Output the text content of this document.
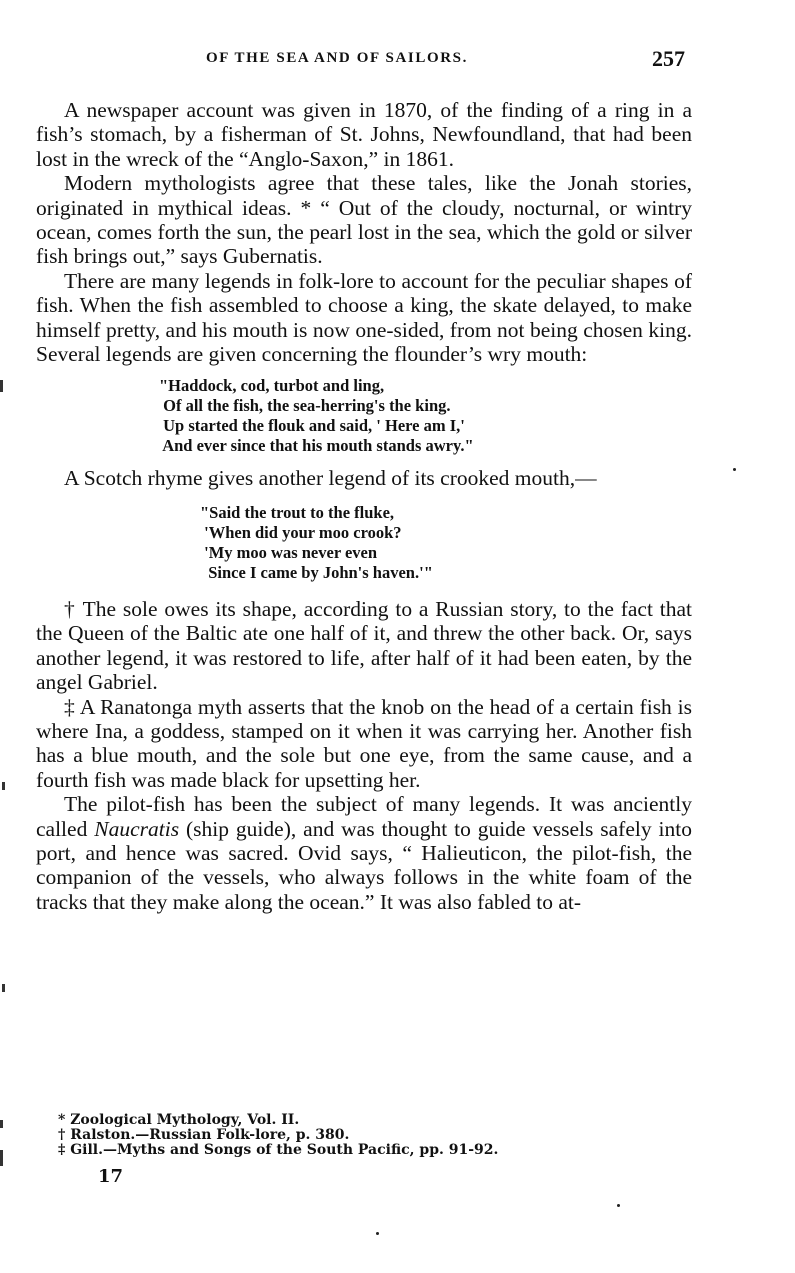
OF THE SEA AND OF SAILORS.	257

A newspaper account was given in 1870, of the finding of a ring in a fish’s stomach, by a fisherman of St. Johns, Newfoundland, that had been lost in the wreck of the “Anglo-Saxon,” in 1861.

Modern mythologists agree that these tales, like the Jonah stories, originated in mythical ideas. * “ Out of the cloudy, nocturnal, or wintry ocean, comes forth the sun, the pearl lost in the sea, which the gold or silver fish brings out,” says Gubernatis.

There are many legends in folk-lore to account for the peculiar shapes of fish. When the fish assembled to choose a king, the skate delayed, to make himself pretty, and his mouth is now one-sided, from not being chosen king. Several legends are given concerning the flounder’s wry mouth:

"Haddock, cod, turbot and ling,
Of all the fish, the sea-herring's the king.
Up started the flouk and said, ' Here am I,'
And ever since that his mouth stands awry."

A Scotch rhyme gives another legend of its crooked mouth,—

"Said the trout to the fluke,
'When did your moo crook?
'My moo was never even
Since I came by John's haven.'"

† The sole owes its shape, according to a Russian story, to the fact that the Queen of the Baltic ate one half of it, and threw the other back. Or, says another legend, it was restored to life, after half of it had been eaten, by the angel Gabriel.

‡ A Ranatonga myth asserts that the knob on the head of a certain fish is where Ina, a goddess, stamped on it when it was carrying her. Another fish has a blue mouth, and the sole but one eye, from the same cause, and a fourth fish was made black for upsetting her.

The pilot-fish has been the subject of many legends. It was anciently called Naucratis (ship guide), and was thought to guide vessels safely into port, and hence was sacred. Ovid says, “ Halieuticon, the pilot-fish, the companion of the vessels, who always follows in the white foam of the tracks that they make along the ocean.” It was also fabled to at-

* Zoological Mythology, Vol. II.
† Ralston.—Russian Folk-lore, p. 380.
‡ Gill.—Myths and Songs of the South Pacific, pp. 91-92.
17
